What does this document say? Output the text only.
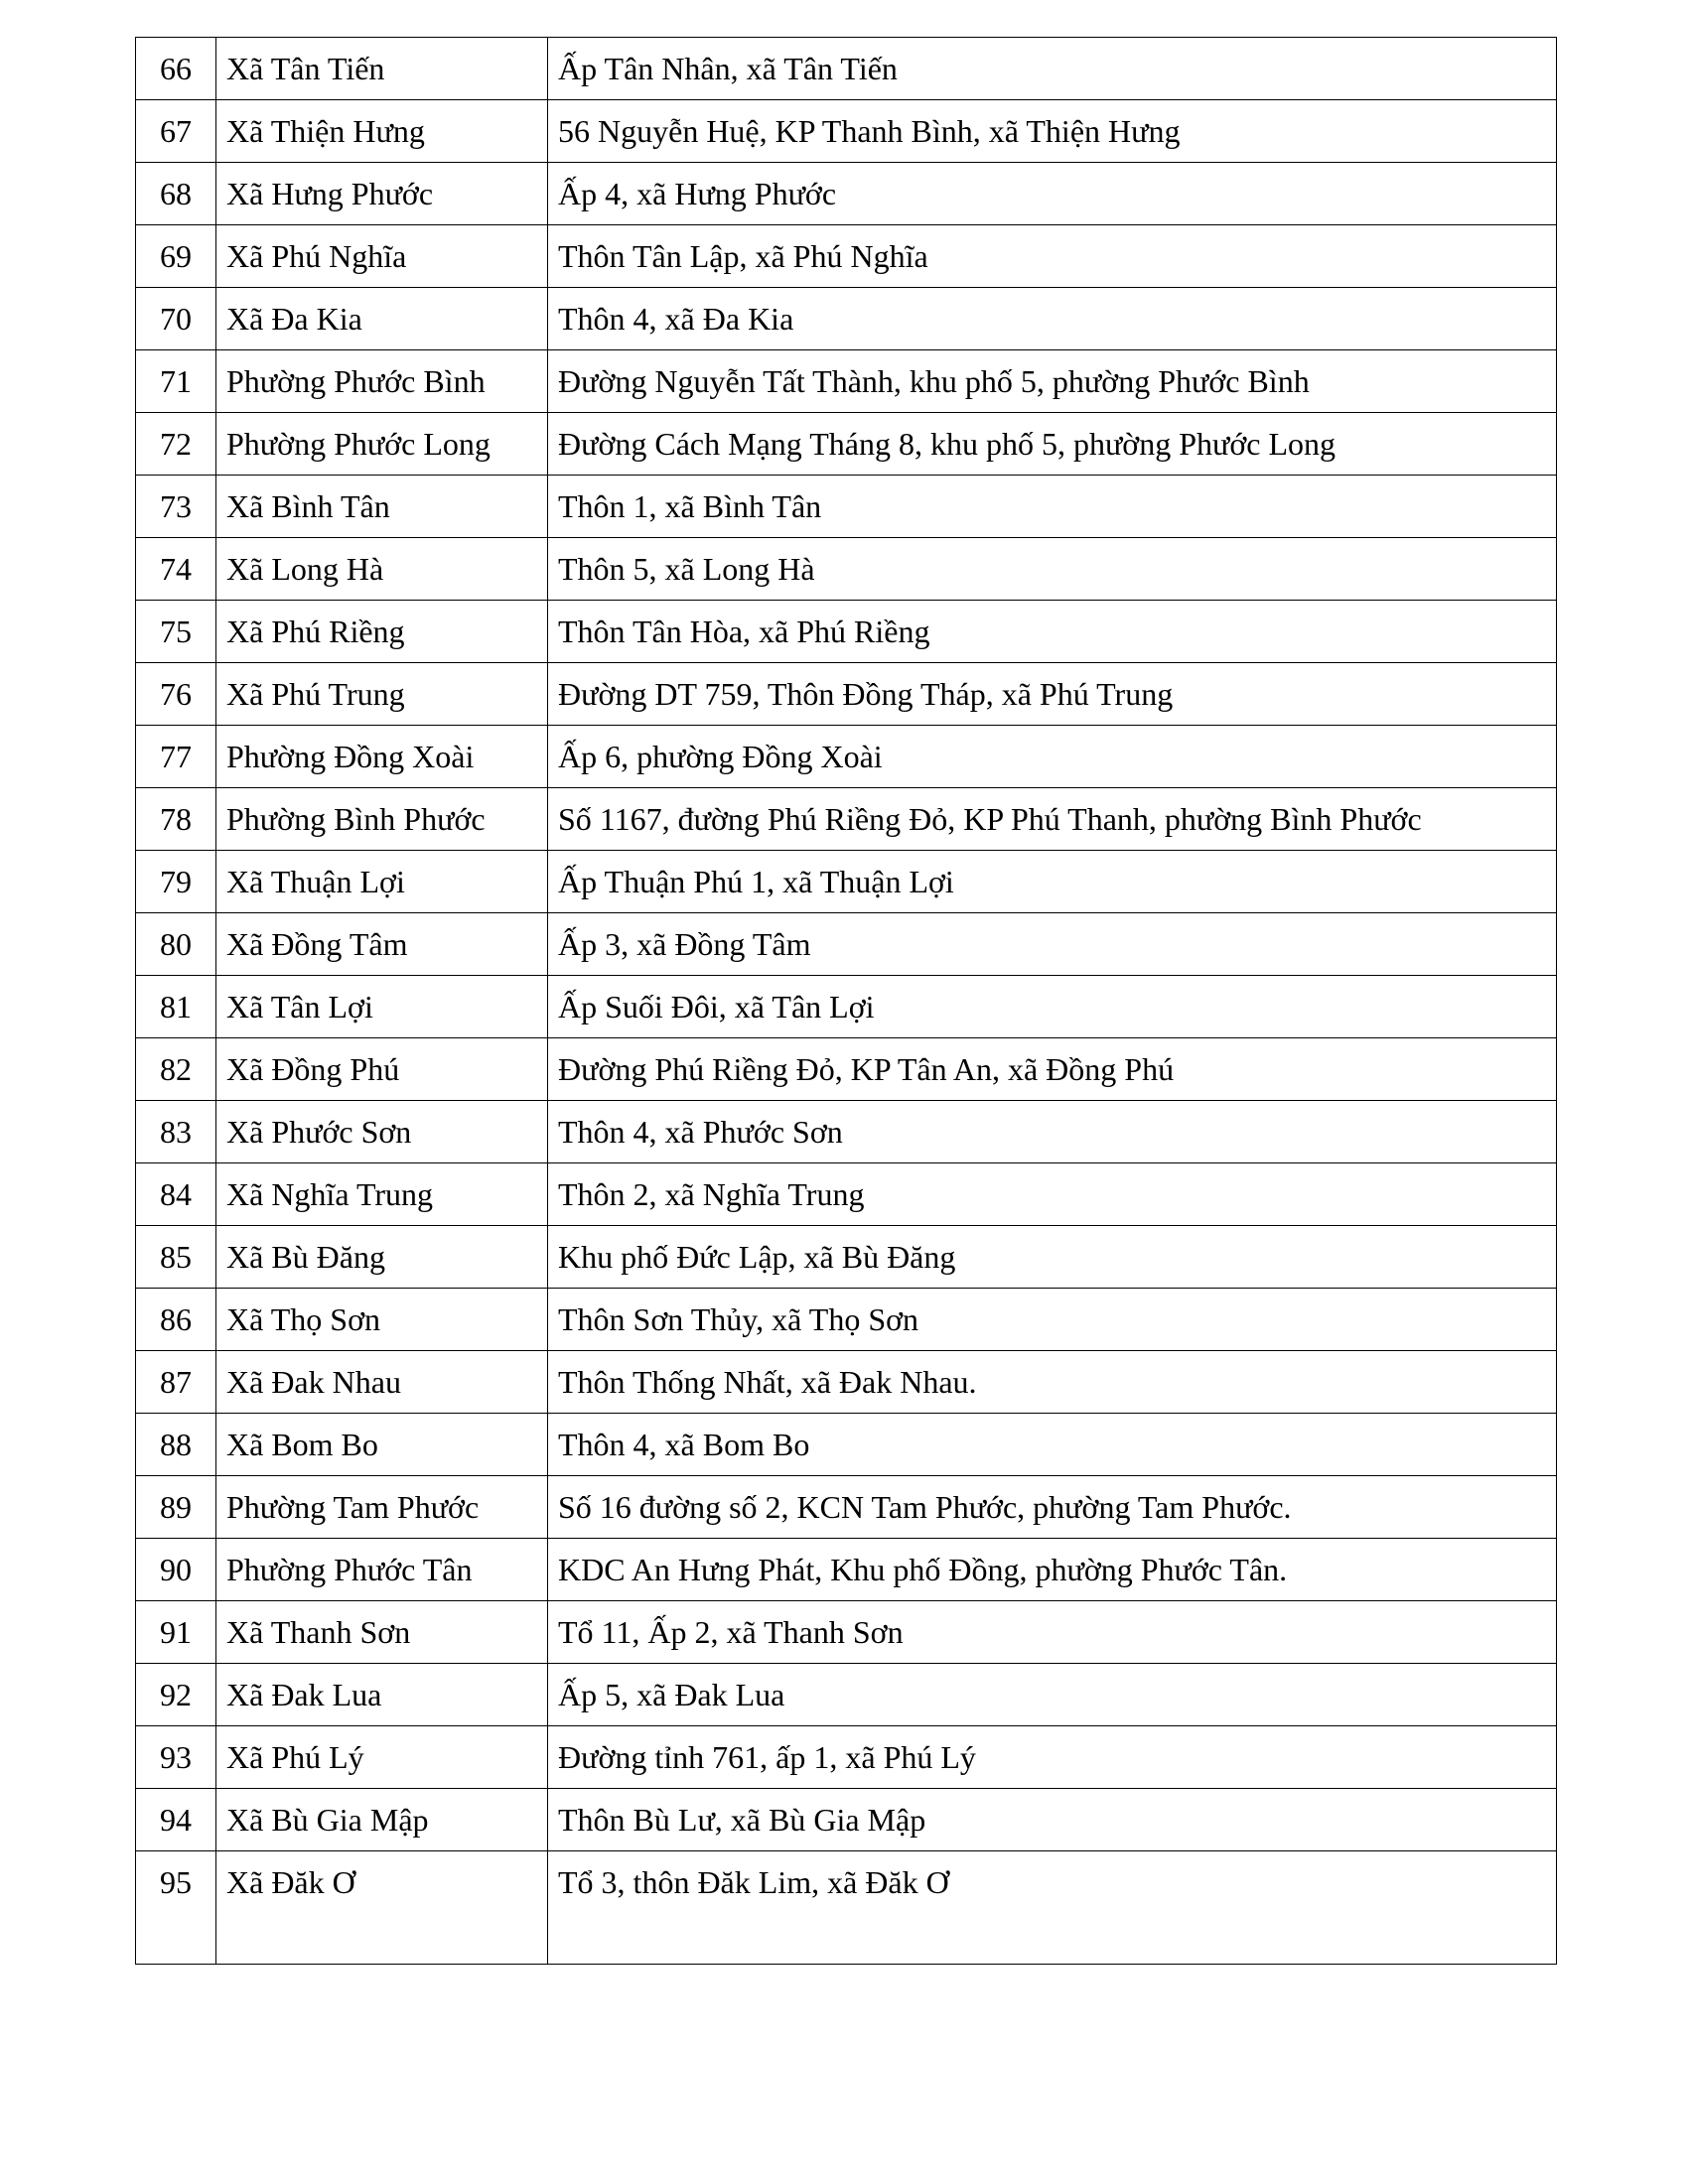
66	Xã Tân Tiến	Ấp Tân Nhân, xã Tân Tiến
67	Xã Thiện Hưng	56 Nguyễn Huệ, KP Thanh Bình, xã Thiện Hưng
68	Xã Hưng Phước	Ấp 4, xã Hưng Phước
69	Xã Phú Nghĩa	Thôn Tân Lập, xã Phú Nghĩa
70	Xã Đa Kia	Thôn 4, xã Đa Kia
71	Phường Phước Bình	Đường Nguyễn Tất Thành, khu phố 5, phường Phước Bình
72	Phường Phước Long	Đường Cách Mạng Tháng 8, khu phố 5, phường Phước Long
73	Xã Bình Tân	Thôn 1, xã Bình Tân
74	Xã Long Hà	Thôn 5, xã Long Hà
75	Xã Phú Riềng	Thôn Tân Hòa, xã Phú Riềng
76	Xã Phú Trung	Đường DT 759, Thôn Đồng Tháp, xã Phú Trung
77	Phường Đồng Xoài	Ấp 6, phường Đồng Xoài
78	Phường Bình Phước	Số 1167, đường Phú Riềng Đỏ, KP Phú Thanh, phường Bình Phước
79	Xã Thuận Lợi	Ấp Thuận Phú 1, xã Thuận Lợi
80	Xã Đồng Tâm	Ấp 3, xã Đồng Tâm
81	Xã Tân Lợi	Ấp Suối Đôi, xã Tân Lợi
82	Xã Đồng Phú	Đường Phú Riềng Đỏ, KP Tân An, xã Đồng Phú
83	Xã Phước Sơn	Thôn 4, xã Phước Sơn
84	Xã Nghĩa Trung	Thôn 2, xã Nghĩa Trung
85	Xã Bù Đăng	Khu phố Đức Lập, xã Bù Đăng
86	Xã Thọ Sơn	Thôn Sơn Thủy, xã Thọ Sơn
87	Xã Đak Nhau	Thôn Thống Nhất, xã Đak Nhau.
88	Xã Bom Bo	Thôn 4, xã Bom Bo
89	Phường Tam Phước	Số 16 đường số 2, KCN Tam Phước, phường Tam Phước.
90	Phường Phước Tân	KDC An Hưng Phát, Khu phố Đồng, phường Phước Tân.
91	Xã Thanh Sơn	Tổ 11, Ấp 2, xã Thanh Sơn
92	Xã Đak Lua	Ấp 5, xã Đak Lua
93	Xã Phú Lý	Đường tỉnh 761, ấp 1, xã Phú Lý
94	Xã Bù Gia Mập	Thôn Bù Lư, xã Bù Gia Mập
95	Xã Đăk Ơ	Tổ 3, thôn Đăk Lim, xã Đăk Ơ
